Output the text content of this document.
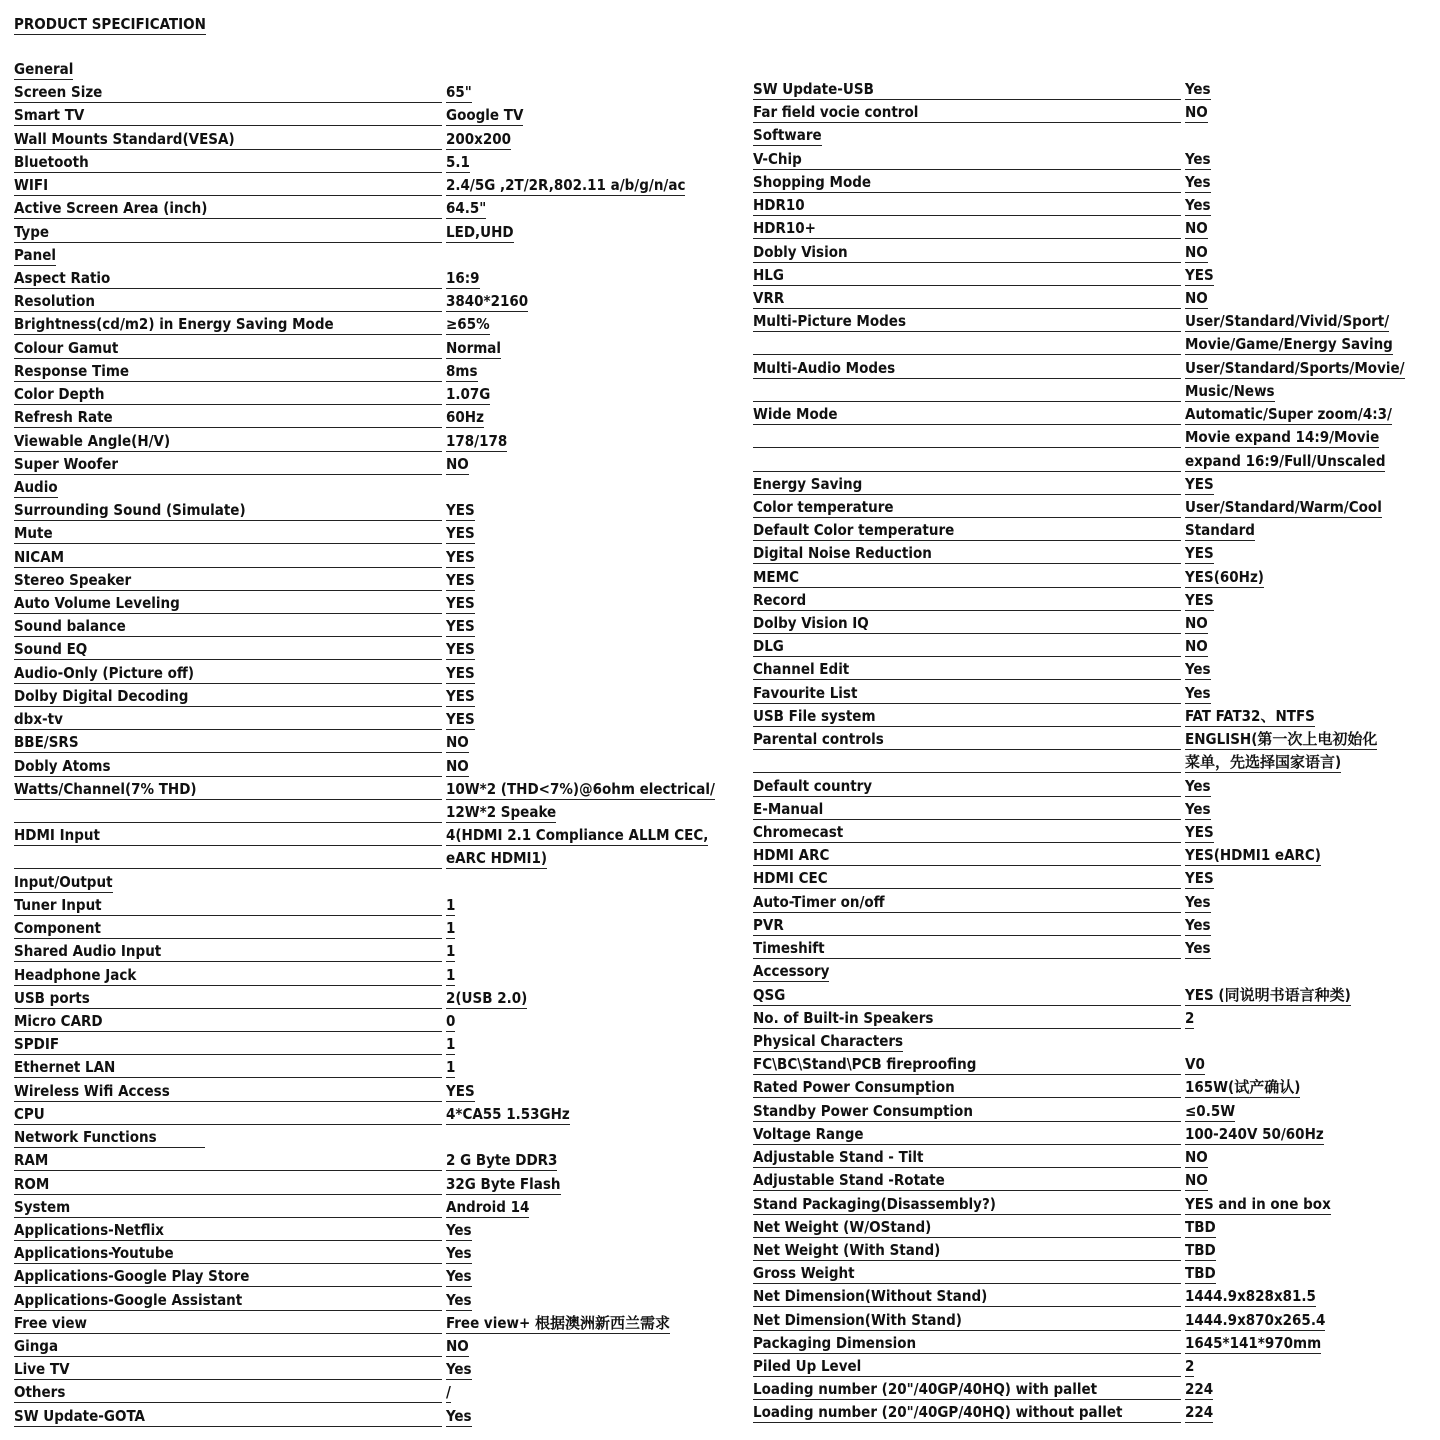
PRODUCT SPECIFICATION
General
Screen Size	65"
Smart TV	Google TV
Wall Mounts Standard(VESA)	200x200
Bluetooth	5.1
WIFI	2.4/5G ,2T/2R,802.11 a/b/g/n/ac
Active Screen Area (inch)	64.5"
Type	LED,UHD
Panel
Aspect Ratio	16:9
Resolution	3840*2160
Brightness(cd/m2) in Energy Saving Mode	≥65%
Colour Gamut	Normal
Response Time	8ms
Color Depth	1.07G
Refresh Rate	60Hz
Viewable Angle(H/V)	178/178
Super Woofer	NO
Audio
Surrounding Sound (Simulate)	YES
Mute	YES
NICAM	YES
Stereo Speaker	YES
Auto Volume Leveling	YES
Sound balance	YES
Sound EQ	YES
Audio-Only (Picture off)	YES
Dolby Digital Decoding	YES
dbx-tv	YES
BBE/SRS	NO
Dobly Atoms	NO
Watts/Channel(7% THD)	10W*2 (THD<7%)@6ohm electrical/
12W*2 Speake
HDMI Input	4(HDMI 2.1 Compliance ALLM CEC,
eARC HDMI1)
Input/Output
Tuner Input	1
Component	1
Shared Audio Input	1
Headphone Jack	1
USB ports	2(USB 2.0)
Micro CARD	0
SPDIF	1
Ethernet LAN	1
Wireless Wifi Access	YES
CPU	4*CA55 1.53GHz
Network Functions
RAM	2 G Byte DDR3
ROM	32G Byte Flash
System	Android 14
Applications-Netflix	Yes
Applications-Youtube	Yes
Applications-Google Play Store	Yes
Applications-Google Assistant	Yes
Free view	Free view+ 根据澳洲新西兰需求
Ginga	NO
Live TV	Yes
Others	/
SW Update-GOTA	Yes
SW Update-USB	Yes
Far field vocie control	NO
Software
V-Chip	Yes
Shopping Mode	Yes
HDR10	Yes
HDR10+	NO
Dobly Vision	NO
HLG	YES
VRR	NO
Multi-Picture Modes	User/Standard/Vivid/Sport/
Movie/Game/Energy Saving
Multi-Audio Modes	User/Standard/Sports/Movie/
Music/News
Wide Mode	Automatic/Super zoom/4:3/
Movie expand 14:9/Movie
expand 16:9/Full/Unscaled
Energy Saving	YES
Color temperature	User/Standard/Warm/Cool
Default Color temperature	Standard
Digital Noise Reduction	YES
MEMC	YES(60Hz)
Record	YES
Dolby Vision IQ	NO
DLG	NO
Channel Edit	Yes
Favourite List	Yes
USB File system	FAT FAT32、NTFS
Parental controls	ENGLISH(第一次上电初始化
菜单，先选择国家语言)
Default country	Yes
E-Manual	Yes
Chromecast	YES
HDMI ARC	YES(HDMI1 eARC)
HDMI CEC	YES
Auto-Timer on/off	Yes
PVR	Yes
Timeshift	Yes
Accessory
QSG	YES (同说明书语言种类)
No. of Built-in Speakers	2
Physical Characters
FC\BC\Stand\PCB fireproofing	V0
Rated Power Consumption	165W(试产确认)
Standby Power Consumption	≤0.5W
Voltage Range	100-240V 50/60Hz
Adjustable Stand - Tilt	NO
Adjustable Stand -Rotate	NO
Stand Packaging(Disassembly?)	YES and in one box
Net Weight (W/OStand)	TBD
Net Weight (With Stand)	TBD
Gross Weight	TBD
Net Dimension(Without Stand)	1444.9x828x81.5
Net Dimension(With Stand)	1444.9x870x265.4
Packaging Dimension	1645*141*970mm
Piled Up Level	2
Loading number (20"/40GP/40HQ) with pallet	224
Loading number (20"/40GP/40HQ) without pallet	224
